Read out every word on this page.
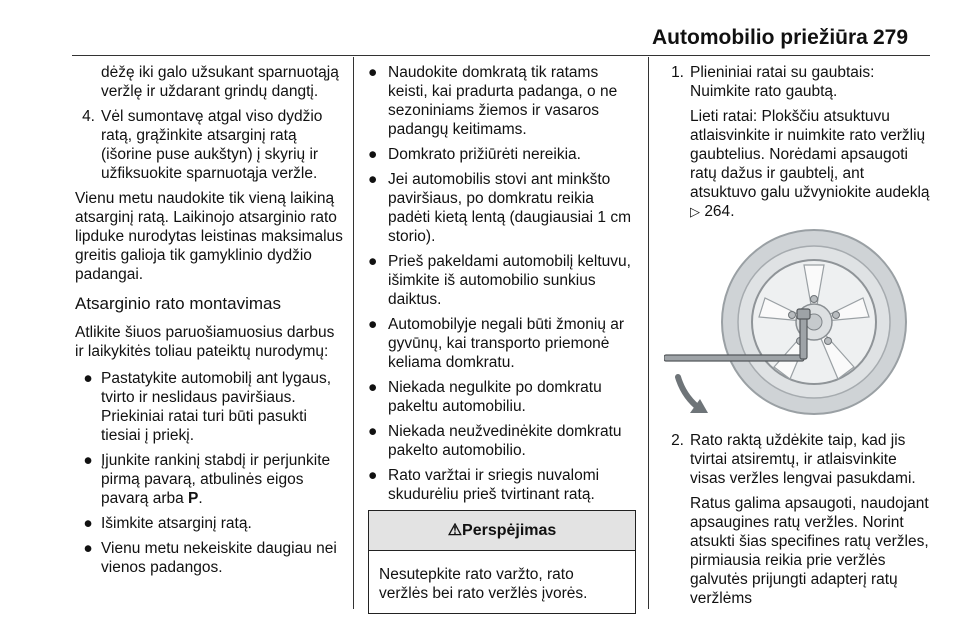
Automobilio priežiūra 279

dėžę iki galo užsukant sparnuotąją veržlę ir uždarant grindų dangtį.

4. Vėl sumontavę atgal viso dydžio ratą, grąžinkite atsarginį ratą (išorine puse aukštyn) į skyrių ir užfiksuokite sparnuotąja veržle.

Vienu metu naudokite tik vieną laikiną atsarginį ratą. Laikinojo atsarginio rato lipduke nurodytas leistinas maksimalus greitis galioja tik gamykliniо dydžio padangai.

Atsarginio rato montavimas

Atlikite šiuos paruošiamuosius darbus ir laikykitės toliau pateiktų nurodymų:

● Pastatykite automobilį ant lygaus, tvirto ir neslidaus paviršiaus. Priekiniai ratai turi būti pasukti tiesiai į priekį.
● Įjunkite rankinį stabdį ir perjunkite pirmą pavarą, atbulinės eigos pavarą arba P.
● Išimkite atsarginį ratą.
● Vienu metu nekeiskite daugiau nei vienos padangos.
● Naudokite domkratą tik ratams keisti, kai pradurta padanga, o ne sezoniniams žiemos ir vasaros padangų keitimams.
● Domkrato prižiūrėti nereikia.
● Jei automobilis stovi ant minkšto paviršiaus, po domkratu reikia padėti kietą lentą (daugiausiai 1 cm storio).
● Prieš pakeldami automobilį keltuvu, išimkite iš automobilio sunkius daiktus.
● Automobilyje negali būti žmonių ar gyvūnų, kai transporto priemonė keliama domkratu.
● Niekada negulkite po domkratu pakeltu automobiliu.
● Niekada neužvedinėkite domkratu pakelto automobilio.
● Rato varžtai ir sriegis nuvalomi skudurėliu prieš tvirtinant ratą.
⚠Perspėjimas
Nesutepkite rato varžto, rato veržlės bei rato veržlės įvorės.
1. Plieniniai ratai su gaubtais: Nuimkite rato gaubtą.

Lieti ratai: Plokščiu atsuktuvu atlaisvinkite ir nuimkite rato veržlių gaubtelius. Norėdami apsaugoti ratų dažus ir gaubtelį, ant atsuktuvo galu užvyniokite audeklą ▷ 264.

2. Rato raktą uždėkite taip, kad jis tvirtai atsiremtų, ir atlaisvinkite visas veržles lengvai pasukdami.

Ratus galima apsaugoti, naudojant apsaugines ratų veržles. Norint atsukti šias specifines ratų veržles, pirmiausia reikia prie veržlės galvutės prijungti adapterį ratų veržlėms
